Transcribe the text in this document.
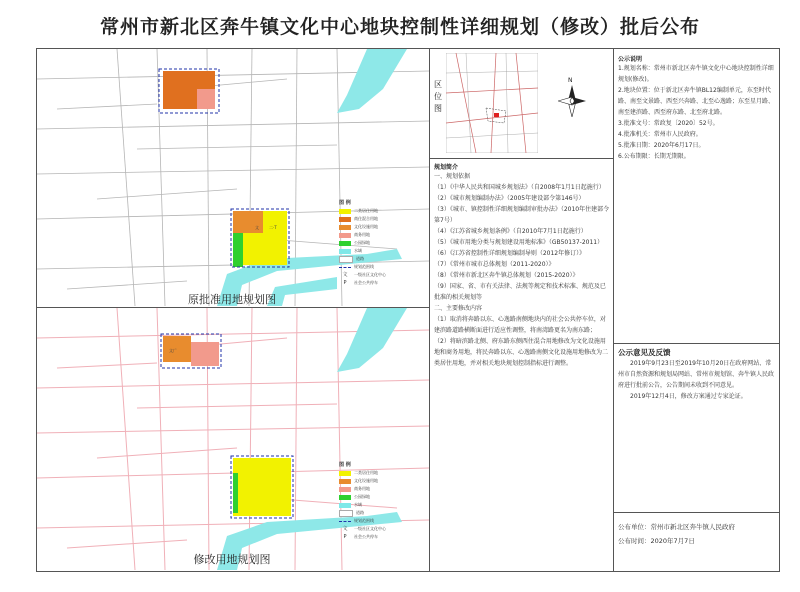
常州市新北区奔牛镇文化中心地块控制性详细规划（修改）批后公布
文	二·T
图 例
二类居住用地
商住混合用地
文化设施用地
商务用地
公园绿地
水域
道路
规划范围线
文	一级社区文化中心
P	社会公共停车
原批准用地规划图
文广
图 例
二类居住用地
文化设施用地
商务用地
公园绿地
水域
道路
规划范围线
文	一级社区文化中心
P	社会公共停车
修改用地规划图
区位图
N
规划简介
一、规划依据
（1）《中华人民共和国城乡规划法》（自2008年1月1日起施行）
（2）《城市规划编制办法》（2005年建设部令第146号）
（3）《城市、镇控制性详细规划编制审批办法》（2010年住建部令第7号）
（4）《江苏省城乡规划条例》（自2010年7月1日起施行）
（5）《城市用地分类与规划建设用地标准》（GB50137-2011）
（6）《江苏省控制性详细规划编制导则（2012年修订）》
（7）《常州市城市总体规划（2011-2020）》
（8）《常州市新北区奔牛镇总体规划（2015-2020）》
（9）国家、省、市有关法律、法规等规定和技术标准、规范及已批准的相关规划等
二、主要修改内容
（1）取消将奔路以东、心逸路南侧地块内的社会公共停车位，对建滨路道路横断面进行适应性调整，将南湾路更名为南东路；
（2）将暗滨路北侧、府东路东侧西住混合用地修改为文化设施用地和商务用地，将民奔路以东、心逸路南侧文化设施用地修改为二类居住用地，并对相关地块规划控制指标进行调整。
公示说明
1.规划名称：常州市新北区奔牛镇文化中心地块控制性详细规划(修改)。
2.地块位置：位于新北区奔牛镇BL12编制单元，东至时代路、南至文景路、西至兴奔路、北至心逸路；东至星月路、南至建滨路、西至府东路、北至府北路。
3.批准文号：常政复〔2020〕52号。
4.批准机关：常州市人民政府。
5.批准日期：2020年6月17日。
6.公布期限：长期无期限。
公示意见及反馈
2019年9月23日至2019年10月20日在政府网站、常州市自然资源和规划局网站、常州市规划馆、奔牛镇人民政府进行批前公告，公告期间未收到不同意见。
2019年12月4日，修改方案通过专家论证。
公布单位：常州市新北区奔牛镇人民政府
公布时间：2020年7月7日
